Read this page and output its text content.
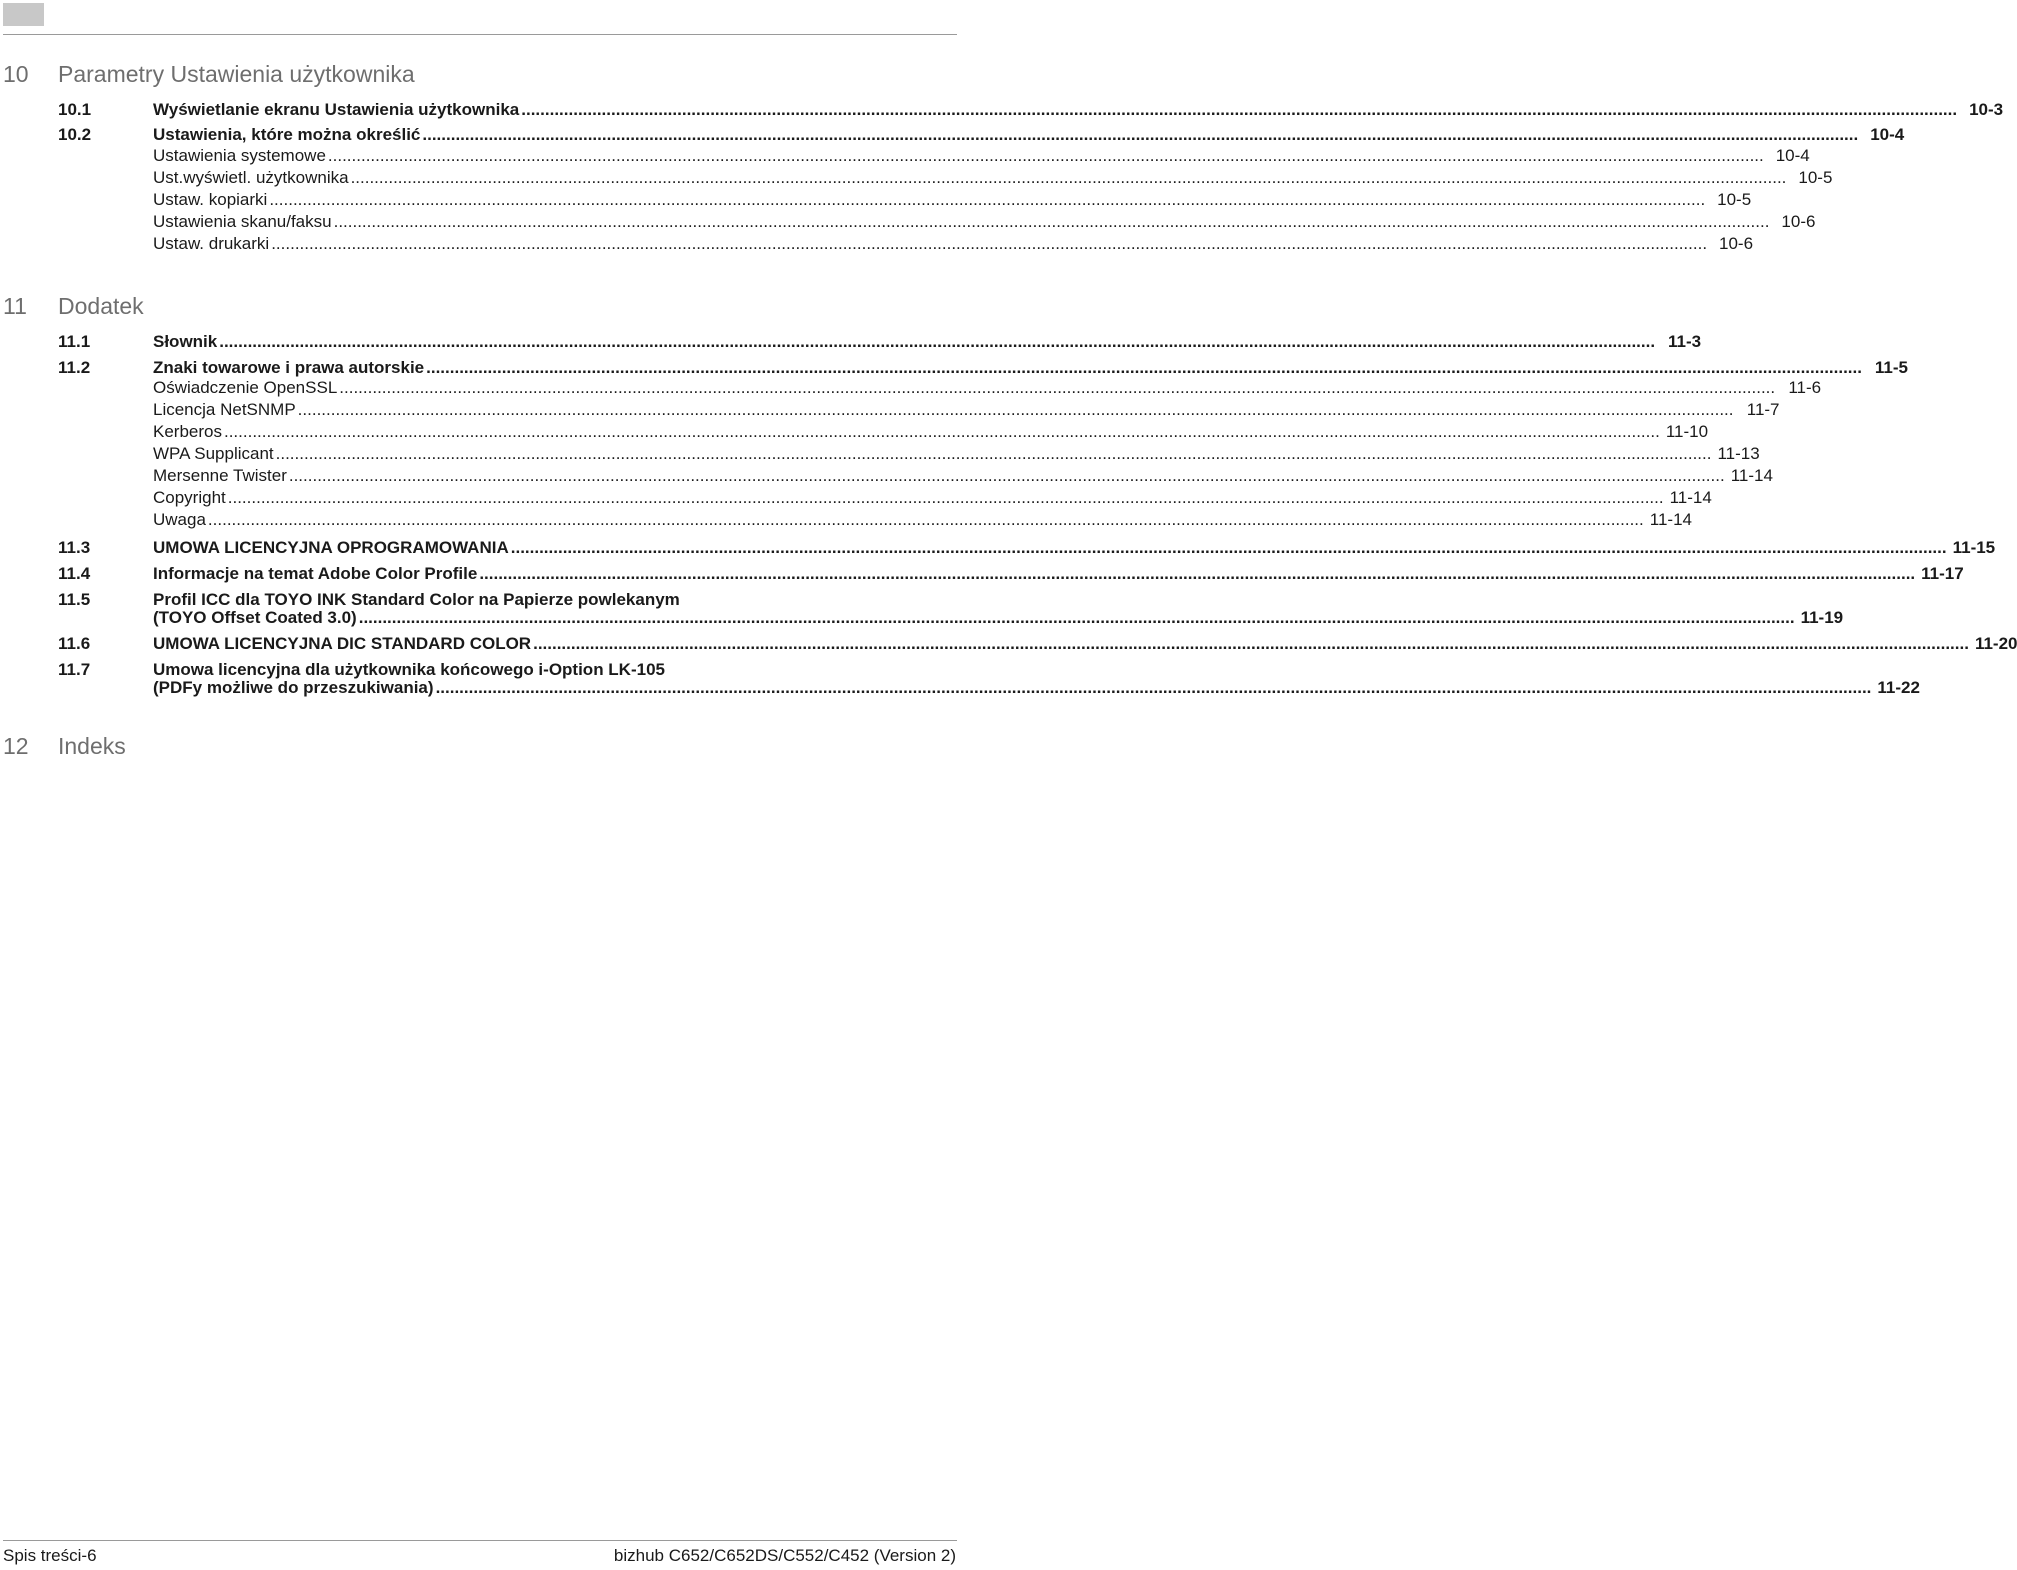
10	Parametry Ustawienia użytkownika
10.1	Wyświetlanie ekranu Ustawienia użytkownika .....	10-3
10.2	Ustawienia, które można określić .....	10-4
Ustawienia systemowe .....	10-4
Ust.wyświetl. użytkownika .....	10-5
Ustaw. kopiarki .....	10-5
Ustawienia skanu/faksu .....	10-6
Ustaw. drukarki .....	10-6
11	Dodatek
11.1	Słownik .....	11-3
11.2	Znaki towarowe i prawa autorskie .....	11-5
Oświadczenie OpenSSL .....	11-6
Licencja NetSNMP .....	11-7
Kerberos .....	11-10
WPA Supplicant .....	11-13
Mersenne Twister .....	11-14
Copyright .....	11-14
Uwaga .....	11-14
11.3	UMOWA LICENCYJNA OPROGRAMOWANIA .....	11-15
11.4	Informacje na temat Adobe Color Profile .....	11-17
11.5	Profil ICC dla TOYO INK Standard Color na Papierze powlekanym
(TOYO Offset Coated 3.0) .....	11-19
11.6	UMOWA LICENCYJNA DIC STANDARD COLOR .....	11-20
11.7	Umowa licencyjna dla użytkownika końcowego i-Option LK-105
(PDFy możliwe do przeszukiwania) .....	11-22
12	Indeks
Spis treści-6	bizhub C652/C652DS/C552/C452 (Version 2)
